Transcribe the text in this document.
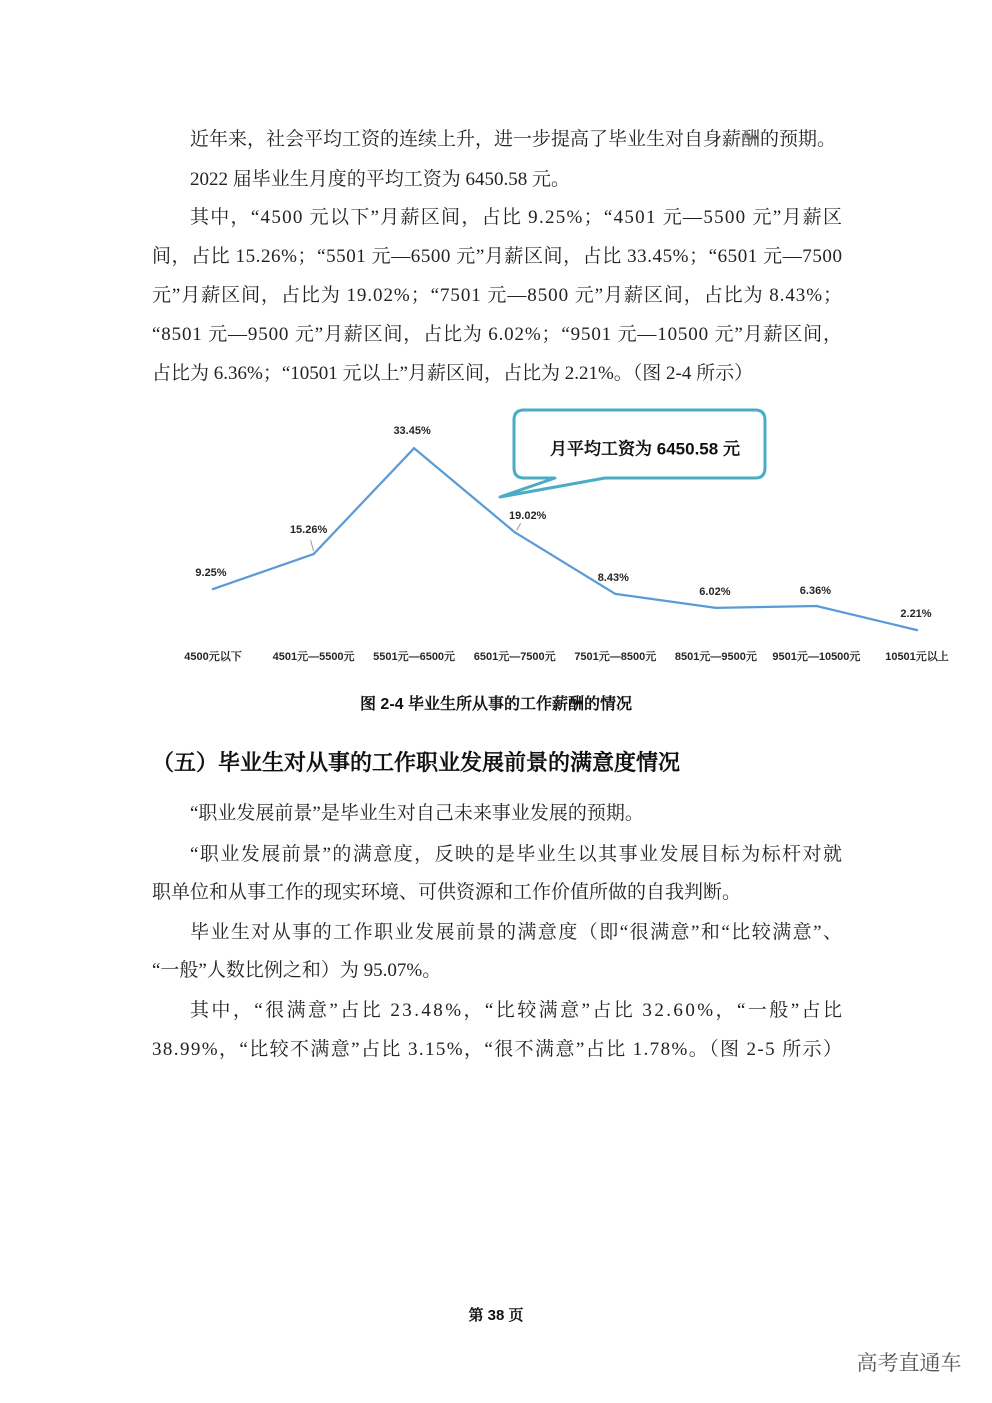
近年来，社会平均工资的连续上升，进一步提高了毕业生对自身薪酬的预期。
2022 届毕业生月度的平均工资为 6450.58 元。
其中，“4500 元以下”月薪区间，占比 9.25%；“4501 元—5500 元”月薪区
间，占比 15.26%；“5501 元—6500 元”月薪区间，占比 33.45%；“6501 元—7500
元”月薪区间，占比为 19.02%；“7501 元—8500 元”月薪区间，占比为 8.43%；
“8501 元—9500 元”月薪区间，占比为 6.02%；“9501 元—10500 元”月薪区间，
占比为 6.36%；“10501 元以上”月薪区间，占比为 2.21%。（图 2-4 所示）
月平均工资为 6450.58 元
9.25%
15.26%
33.45%
19.02%
8.43%
6.02%	6.36%
2.21%
4500元以下	4501元—5500元 5501元—6500元 6501元—7500元 7501元—8500元 8501元—9500元 9501元—10500元 10501元以上
图 2-4 毕业生所从事的工作薪酬的情况
（五）毕业生对从事的工作职业发展前景的满意度情况
“职业发展前景”是毕业生对自己未来事业发展的预期。
“职业发展前景”的满意度，反映的是毕业生以其事业发展目标为标杆对就
职单位和从事工作的现实环境、可供资源和工作价值所做的自我判断。
毕业生对从事的工作职业发展前景的满意度（即“很满意”和“比较满意”、
“一般”人数比例之和）为 95.07%。
其中，“很满意”占比 23.48%，“比较满意”占比 32.60%，“一般”占比
38.99%，“比较不满意”占比 3.15%，“很不满意”占比 1.78%。（图 2-5 所示）
第 38 页
高考直通车
